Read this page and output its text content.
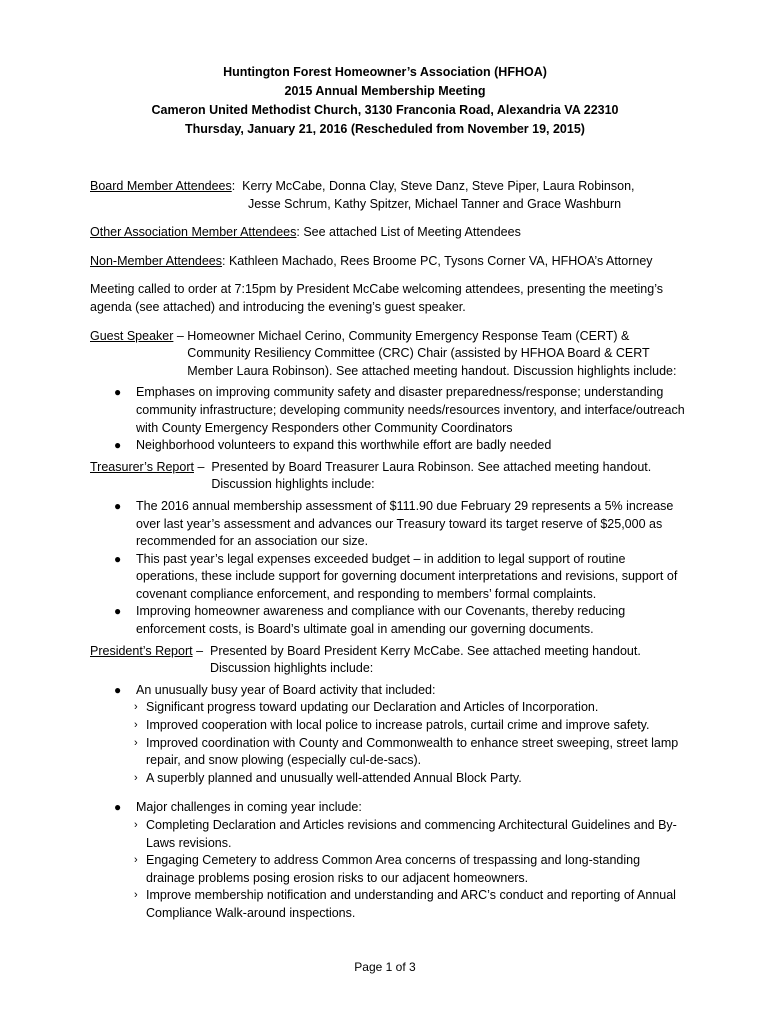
Huntington Forest Homeowner’s Association (HFHOA)
2015 Annual Membership Meeting
Cameron United Methodist Church, 3130 Franconia Road, Alexandria VA 22310
Thursday, January 21, 2016 (Rescheduled from November 19, 2015)
Board Member Attendees: Kerry McCabe, Donna Clay, Steve Danz, Steve Piper, Laura Robinson,
Jesse Schrum, Kathy Spitzer, Michael Tanner and Grace Washburn
Other Association Member Attendees: See attached List of Meeting Attendees
Non-Member Attendees: Kathleen Machado, Rees Broome PC, Tysons Corner VA, HFHOA’s Attorney

Meeting called to order at 7:15pm by President McCabe welcoming attendees, presenting the meeting’s agenda (see attached) and introducing the evening’s guest speaker.

Guest Speaker – Homeowner Michael Cerino, Community Emergency Response Team (CERT) & Community Resiliency Committee (CRC) Chair (assisted by HFHOA Board & CERT Member Laura Robinson). See attached meeting handout. Discussion highlights include:
● Emphases on improving community safety and disaster preparedness/response; understanding community infrastructure; developing community needs/resources inventory, and interface/outreach with County Emergency Responders other Community Coordinators
● Neighborhood volunteers to expand this worthwhile effort are badly needed
Treasurer’s Report – Presented by Board Treasurer Laura Robinson. See attached meeting handout. Discussion highlights include:
● The 2016 annual membership assessment of $111.90 due February 29 represents a 5% increase over last year’s assessment and advances our Treasury toward its target reserve of $25,000 as recommended for an association our size.
● This past year’s legal expenses exceeded budget – in addition to legal support of routine operations, these include support for governing document interpretations and revisions, support of covenant compliance enforcement, and responding to members’ formal complaints.
● Improving homeowner awareness and compliance with our Covenants, thereby reducing enforcement costs, is Board’s ultimate goal in amending our governing documents.
President’s Report – Presented by Board President Kerry McCabe. See attached meeting handout. Discussion highlights include:
● An unusually busy year of Board activity that included:
› Significant progress toward updating our Declaration and Articles of Incorporation.
› Improved cooperation with local police to increase patrols, curtail crime and improve safety.
› Improved coordination with County and Commonwealth to enhance street sweeping, street lamp repair, and snow plowing (especially cul-de-sacs).
› A superbly planned and unusually well-attended Annual Block Party.
● Major challenges in coming year include:
› Completing Declaration and Articles revisions and commencing Architectural Guidelines and By-Laws revisions.
› Engaging Cemetery to address Common Area concerns of trespassing and long-standing drainage problems posing erosion risks to our adjacent homeowners.
› Improve membership notification and understanding and ARC’s conduct and reporting of Annual Compliance Walk-around inspections.
Page 1 of 3
